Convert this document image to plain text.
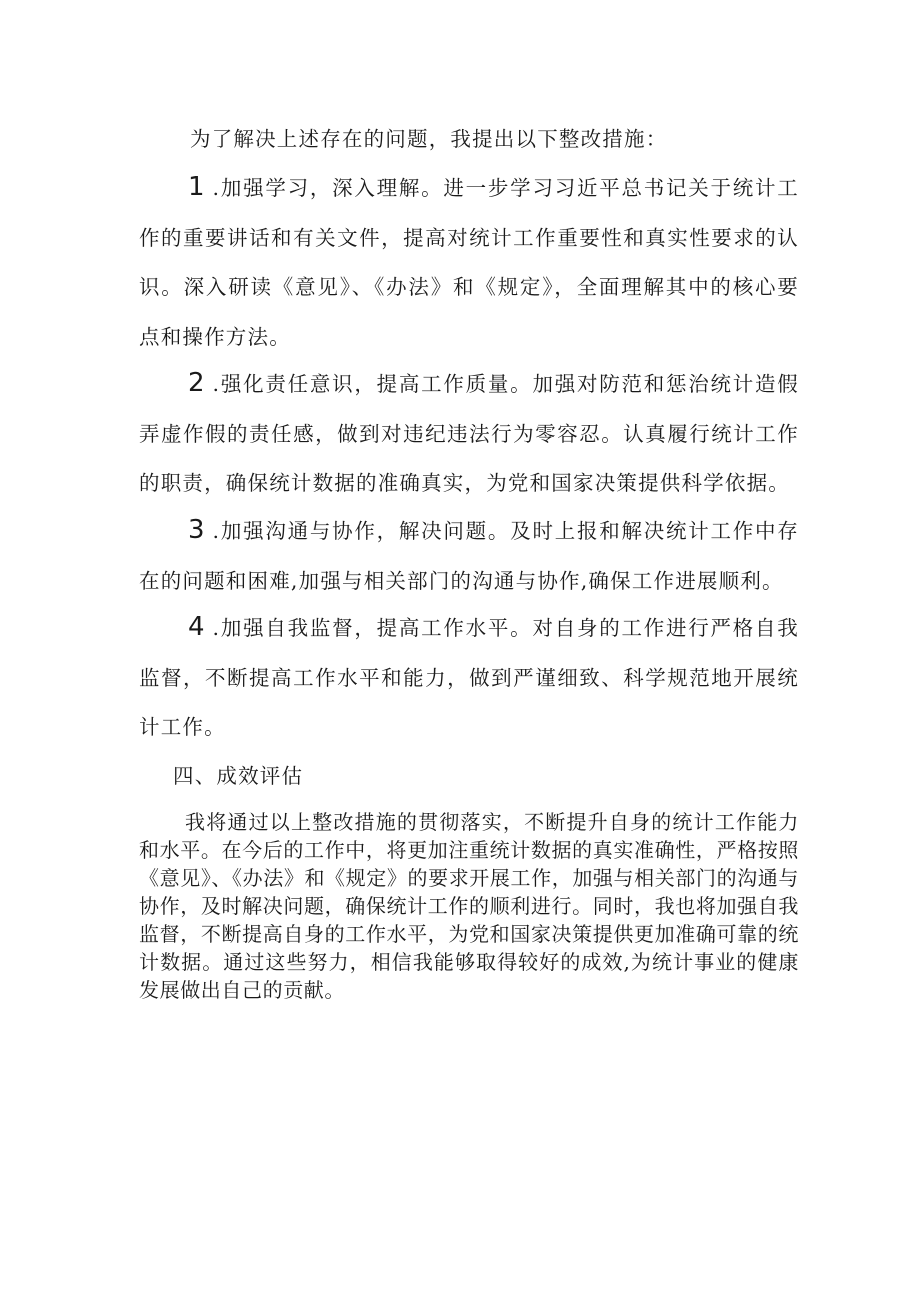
为了解决上述存在的问题，我提出以下整改措施：

1 .加强学习，深入理解。进一步学习习近平总书记关于统计工作的重要讲话和有关文件，提高对统计工作重要性和真实性要求的认识。深入研读《意见》、《办法》和《规定》，全面理解其中的核心要点和操作方法。

2 .强化责任意识，提高工作质量。加强对防范和惩治统计造假弄虚作假的责任感，做到对违纪违法行为零容忍。认真履行统计工作的职责，确保统计数据的准确真实，为党和国家决策提供科学依据。

3 .加强沟通与协作，解决问题。及时上报和解决统计工作中存在的问题和困难,加强与相关部门的沟通与协作,确保工作进展顺利。

4 .加强自我监督，提高工作水平。对自身的工作进行严格自我监督，不断提高工作水平和能力，做到严谨细致、科学规范地开展统计工作。

四、成效评估

我将通过以上整改措施的贯彻落实，不断提升自身的统计工作能力和水平。在今后的工作中，将更加注重统计数据的真实准确性，严格按照《意见》、《办法》和《规定》的要求开展工作，加强与相关部门的沟通与协作，及时解决问题，确保统计工作的顺利进行。同时，我也将加强自我监督，不断提高自身的工作水平，为党和国家决策提供更加准确可靠的统计数据。通过这些努力，相信我能够取得较好的成效,为统计事业的健康发展做出自己的贡献。
